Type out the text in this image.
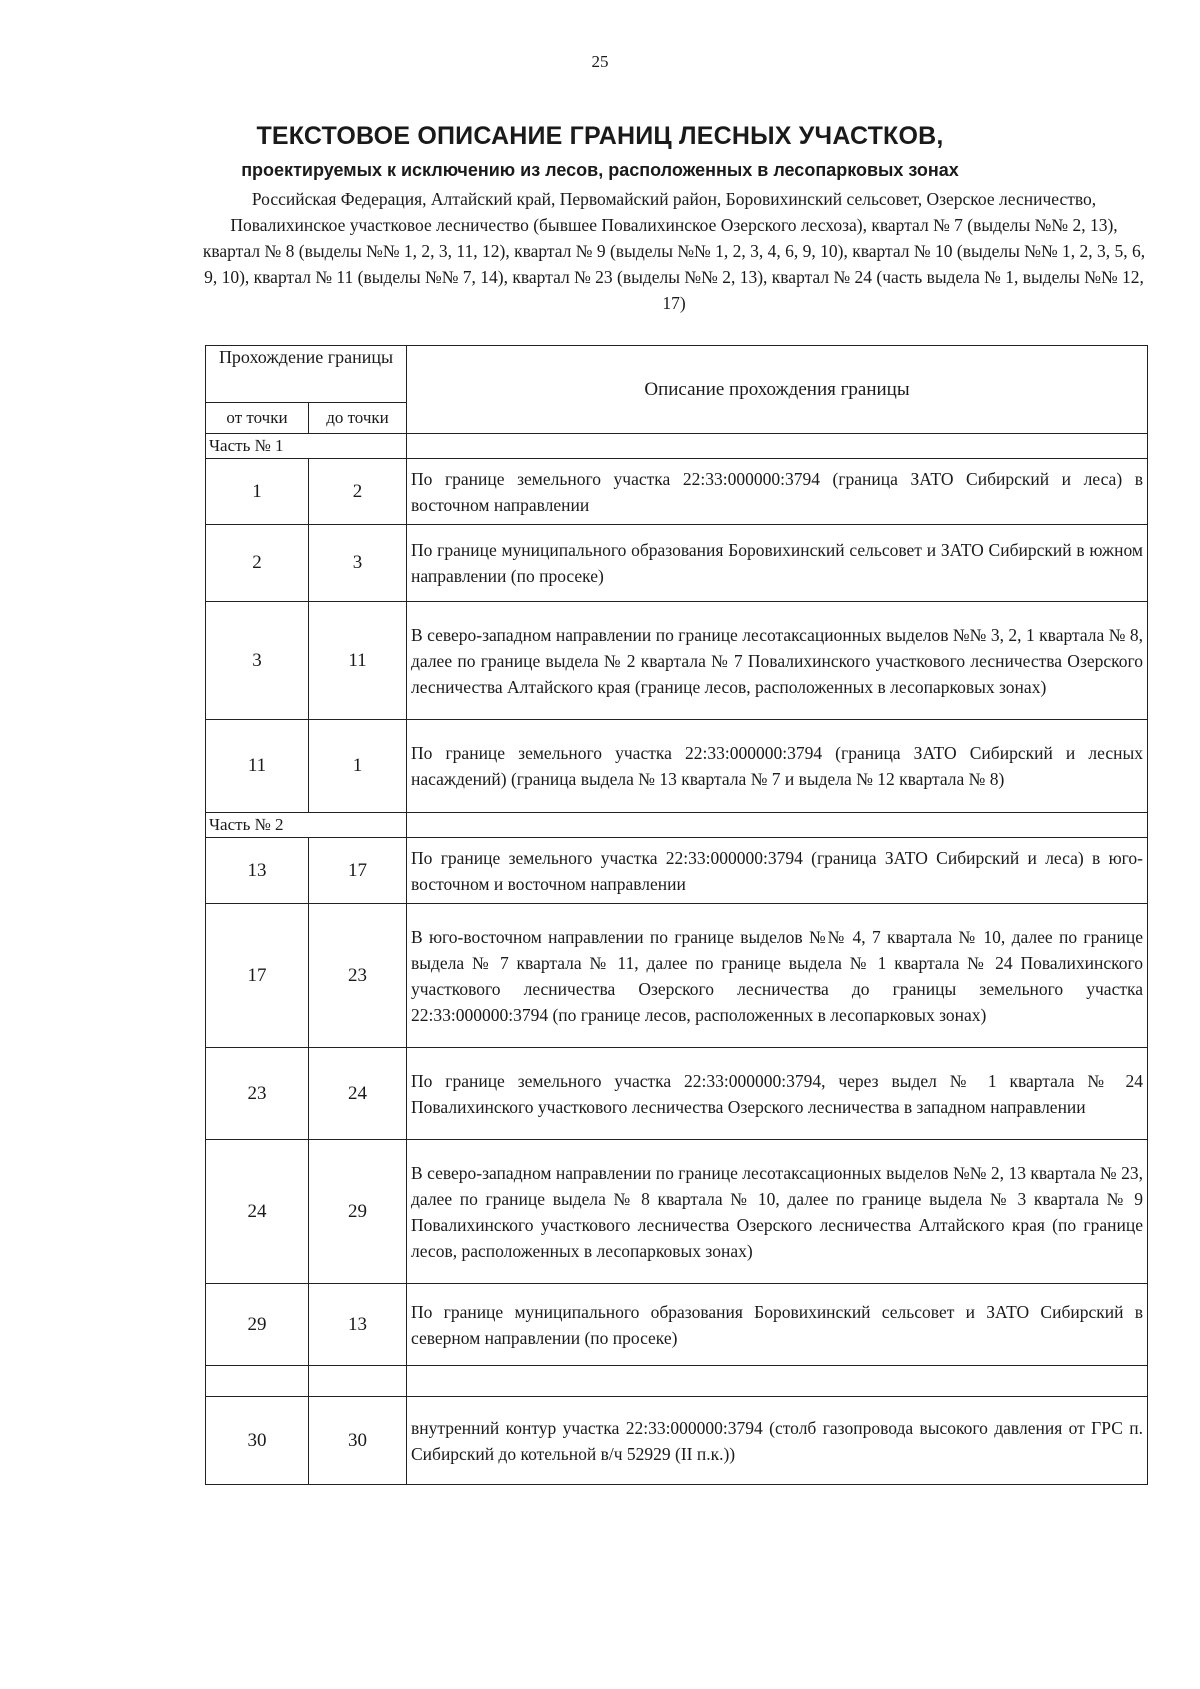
25
ТЕКСТОВОЕ ОПИСАНИЕ ГРАНИЦ ЛЕСНЫХ УЧАСТКОВ,
проектируемых к исключению из лесов, расположенных в лесопарковых зонах
Российская Федерация, Алтайский край, Первомайский район, Боровихинский сельсовет, Озерское лесничество, Повалихинское участковое лесничество (бывшее Повалихинское Озерского лесхоза), квартал № 7 (выделы №№ 2, 13), квартал № 8 (выделы №№ 1, 2, 3, 11, 12), квартал № 9 (выделы №№ 1, 2, 3, 4, 6, 9, 10), квартал № 10 (выделы №№ 1, 2, 3, 5, 6, 9, 10), квартал № 11 (выделы №№ 7, 14), квартал № 23 (выделы №№ 2, 13), квартал № 24 (часть выдела № 1, выделы №№ 12, 17)
Прохождение границы		Описание прохождения границы
от точки	до точки	
Часть № 1		
1	2	По границе земельного участка 22:33:000000:3794 (граница ЗАТО Сибирский и леса) в восточном направлении
2	3	По границе муниципального образования Боровихинский сельсовет и ЗАТО Сибирский в южном направлении (по просеке)
3	11	В северо-западном направлении по границе лесотаксационных выделов №№ 3, 2, 1 квартала № 8, далее по границе выдела № 2 квартала № 7 Повалихинского участкового лесничества Озерского лесничества Алтайского края (границе лесов, расположенных в лесопарковых зонах)
11	1	По границе земельного участка 22:33:000000:3794 (граница ЗАТО Сибирский и лесных насаждений) (граница выдела № 13 квартала № 7 и выдела № 12 квартала № 8)
Часть № 2		
13	17	По границе земельного участка 22:33:000000:3794 (граница ЗАТО Сибирский и леса) в юго-восточном и восточном направлении
17	23	В юго-восточном направлении по границе выделов №№ 4, 7 квартала № 10, далее по границе выдела № 7 квартала № 11, далее по границе выдела № 1 квартала № 24 Повалихинского участкового лесничества Озерского лесничества до границы земельного участка 22:33:000000:3794 (по границе лесов, расположенных в лесопарковых зонах)
23	24	По границе земельного участка 22:33:000000:3794, через выдел № 1 квартала № 24 Повалихинского участкового лесничества Озерского лесничества в западном направлении
24	29	В северо-западном направлении по границе лесотаксационных выделов №№ 2, 13 квартала № 23, далее по границе выдела № 8 квартала № 10, далее по границе выдела № 3 квартала № 9 Повалихинского участкового лесничества Озерского лесничества Алтайского края (по границе лесов, расположенных в лесопарковых зонах)
29	13	По границе муниципального образования Боровихинский сельсовет и ЗАТО Сибирский в северном направлении (по просеке)

30	30	внутренний контур участка 22:33:000000:3794 (столб газопровода высокого давления от ГРС п. Сибирский до котельной в/ч 52929 (II п.к.))
